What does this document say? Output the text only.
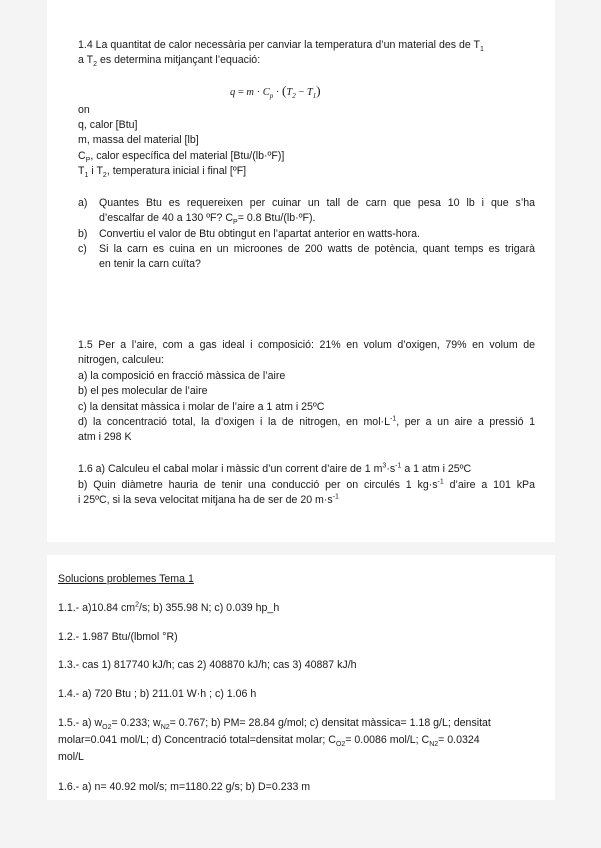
1.4 La quantitat de calor necessària per canviar la temperatura d’un material des de $T_1$
a $T_2$ es determina mitjançant l’equació:
$q = m \cdot C_p \cdot (T_2 - T_1)$
on
q, calor [Btu]
m, massa del material [lb]
$C_P$, calor específica del material [Btu/(lb·ºF)]
$T_1$ i $T_2$, temperatura inicial i final [ºF]
a) Quantes Btu es requereixen per cuinar un tall de carn que pesa 10 lb i que s’ha
d’escalfar de 40 a 130 ºF? $C_P= 0.8$ Btu/(lb·ºF).
b) Convertiu el valor de Btu obtingut en l’apartat anterior en watts-hora.
c) Si la carn es cuina en un microones de 200 watts de potència, quant temps es trigarà
en tenir la carn cuïta?
1.5 Per a l’aire, com a gas ideal i composició: 21% en volum d’oxigen, 79% en volum de
nitrogen, calculeu:
a) la composició en fracció màssica de l’aire
b) el pes molecular de l’aire
c) la densitat màssica i molar de l’aire a 1 atm i 25ºC
d) la concentració total, la d’oxigen i la de nitrogen, en $mol\cdot L^{-1}$, per a un aire a pressió 1
atm i 298 K
1.6 a) Calculeu el cabal molar i màssic d’un corrent d’aire de 1 $m^3\cdot s^{-1}$ a 1 atm i 25ºC
b) Quin diàmetre hauria de tenir una conducció per on circulés 1 $kg\cdot s^{-1}$ d’aire a 101 kPa
i 25ºC, si la seva velocitat mitjana ha de ser de 20 $m\cdot s^{-1}$
Solucions problemes Tema 1
1.1.- a)10.84 $cm^2/s$; b) 355.98 N; c) 0.039 hp_h
1.2.- 1.987 Btu/(lbmol °R)
1.3.- cas 1) 817740 kJ/h; cas 2) 408870 kJ/h; cas 3) 40887 kJ/h
1.4.- a) 720 Btu ; b) 211.01 W·h ; c) 1.06 h
1.5.- a) $w_{O2}= 0.233$; $w_{N2}= 0.767$; b) PM= 28.84 g/mol; c) densitat màssica= 1.18 g/L; densitat
molar=0.041 mol/L; d) Concentració total=densitat molar; $C_{O2}= 0.0086$ mol/L; $C_{N2}= 0.0324$
mol/L
1.6.- a) n= 40.92 mol/s; m=1180.22 g/s; b) D=0.233 m
